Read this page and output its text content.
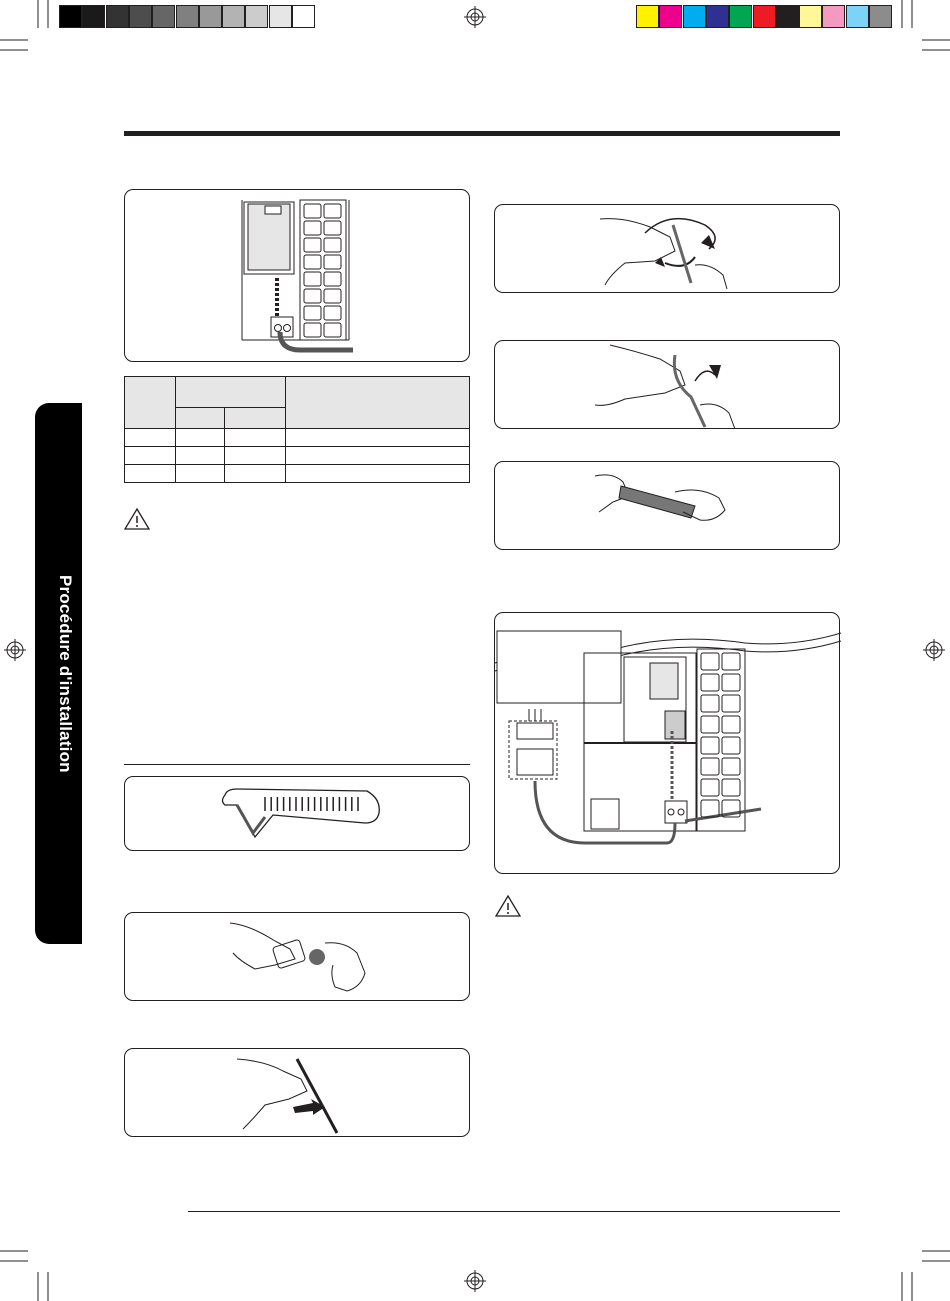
Procédure d'installation
